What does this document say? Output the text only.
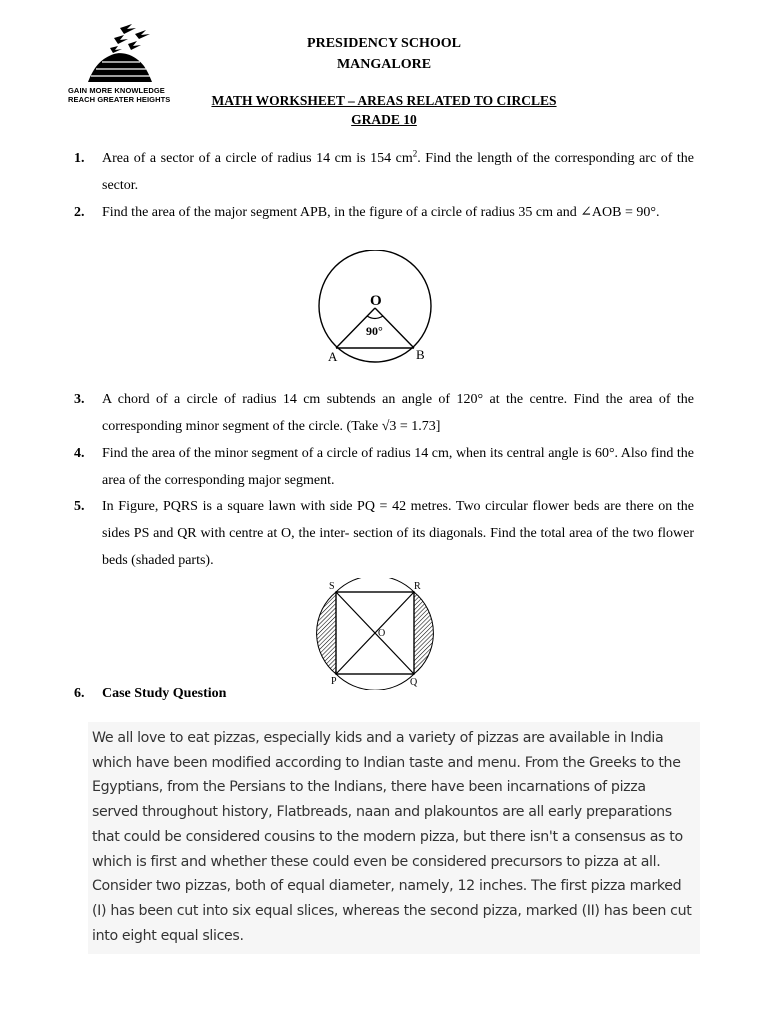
GAIN MORE KNOWLEDGE
REACH GREATER HEIGHTS
PRESIDENCY SCHOOL
MANGALORE
MATH WORKSHEET – AREAS RELATED TO CIRCLES
GRADE 10
1. Area of a sector of a circle of radius 14 cm is 154 $cm^2$. Find the length of the corresponding arc of the sector.
2. Find the area of the major segment APB, in the figure of a circle of radius 35 cm and ∠AOB = 90°.
O
90°
A	B
3. A chord of a circle of radius 14 cm subtends an angle of 120° at the centre. Find the area of the corresponding minor segment of the circle. (Take √3 = 1.73]
4. Find the area of the minor segment of a circle of radius 14 cm, when its central angle is 60°. Also find the area of the corresponding major segment.
5. In Figure, PQRS is a square lawn with side PQ = 42 metres. Two circular flower beds are there on the sides PS and QR with centre at O, the inter- section of its diagonals. Find the total area of the two flower beds (shaded parts).
S	R
O
P	Q
6. Case Study Question
We all love to eat pizzas, especially kids and a variety of pizzas are available in India which have been modified according to Indian taste and menu. From the Greeks to the Egyptians, from the Persians to the Indians, there have been incarnations of pizza served throughout history, Flatbreads, naan and plakountos are all early preparations that could be considered cousins to the modern pizza, but there isn't a consensus as to which is first and whether these could even be considered precursors to pizza at all. Consider two pizzas, both of equal diameter, namely, 12 inches. The first pizza marked (I) has been cut into six equal slices, whereas the second pizza, marked (II) has been cut into eight equal slices.
